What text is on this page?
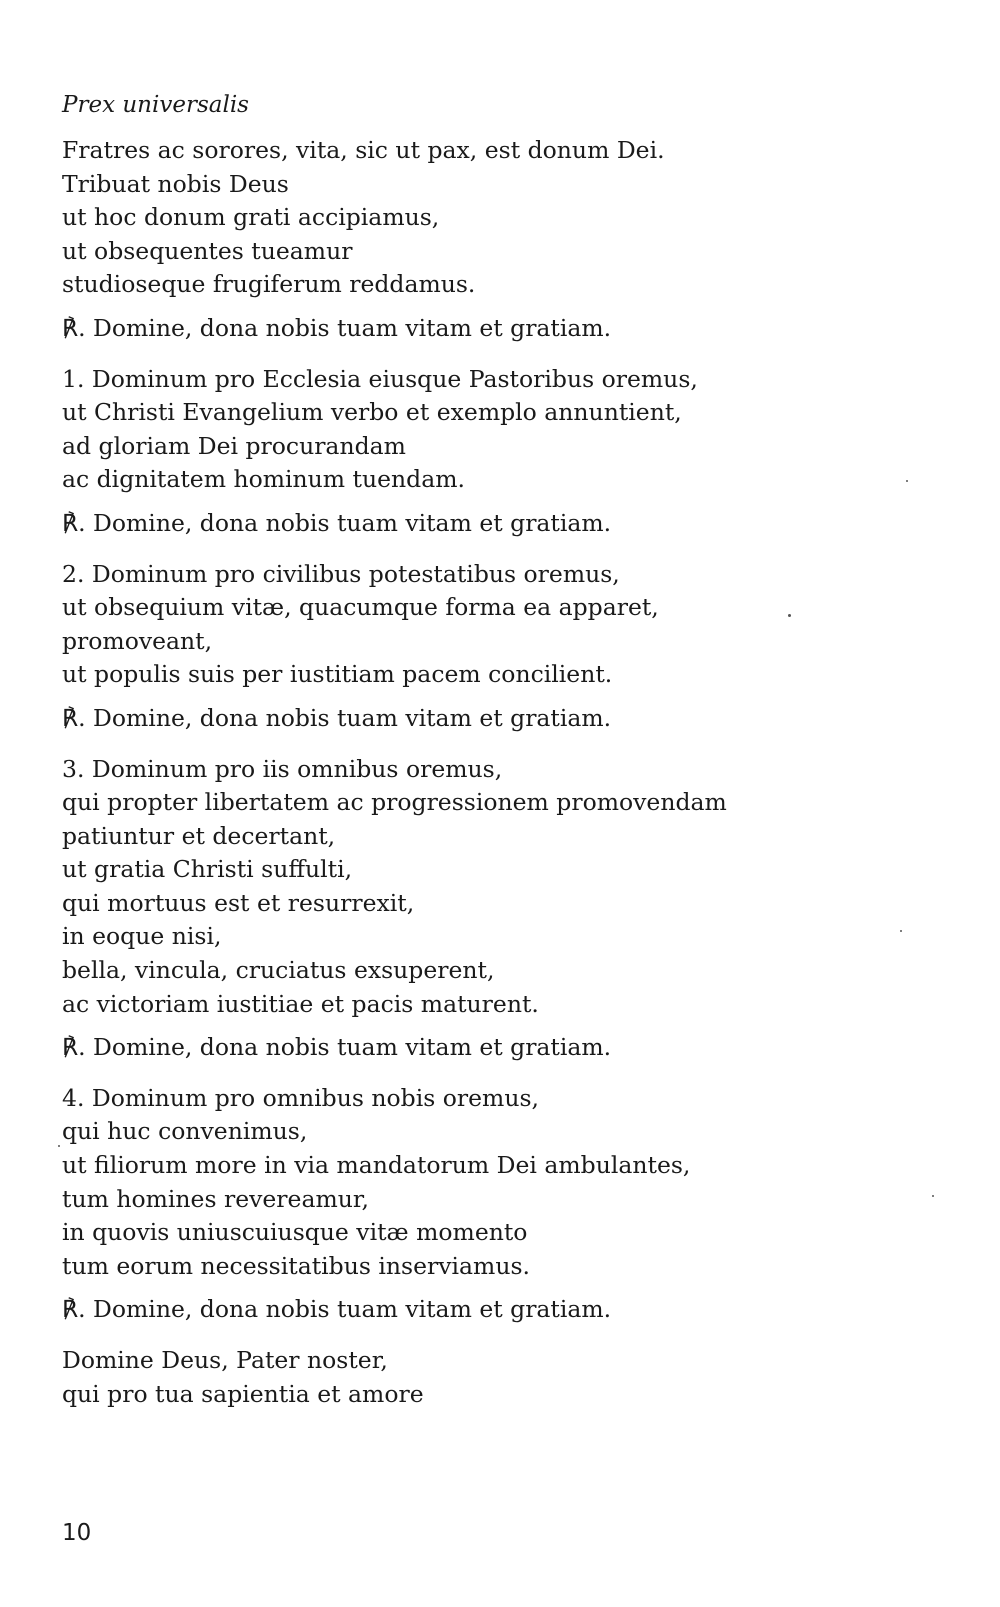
Prex universalis
Fratres ac sorores, vita, sic ut pax, est donum Dei.
Tribuat nobis Deus
ut hoc donum grati accipiamus,
ut obsequentes tueamur
studioseque frugiferum reddamus.
℟. Domine, dona nobis tuam vitam et gratiam.
1. Dominum pro Ecclesia eiusque Pastoribus oremus,
ut Christi Evangelium verbo et exemplo annuntient,
ad gloriam Dei procurandam
ac dignitatem hominum tuendam.
℟. Domine, dona nobis tuam vitam et gratiam.
2. Dominum pro civilibus potestatibus oremus,
ut obsequium vitæ, quacumque forma ea apparet,
promoveant,
ut populis suis per iustitiam pacem concilient.
℟. Domine, dona nobis tuam vitam et gratiam.
3. Dominum pro iis omnibus oremus,
qui propter libertatem ac progressionem promovendam
patiuntur et decertant,
ut gratia Christi suffulti,
qui mortuus est et resurrexit,
in eoque nisi,
bella, vincula, cruciatus exsuperent,
ac victoriam iustitiae et pacis maturent.
℟. Domine, dona nobis tuam vitam et gratiam.
4. Dominum pro omnibus nobis oremus,
qui huc convenimus,
ut filiorum more in via mandatorum Dei ambulantes,
tum homines revereamur,
in quovis uniuscuiusque vitæ momento
tum eorum necessitatibus inserviamus.
℟. Domine, dona nobis tuam vitam et gratiam.
Domine Deus, Pater noster,
qui pro tua sapientia et amore
10
